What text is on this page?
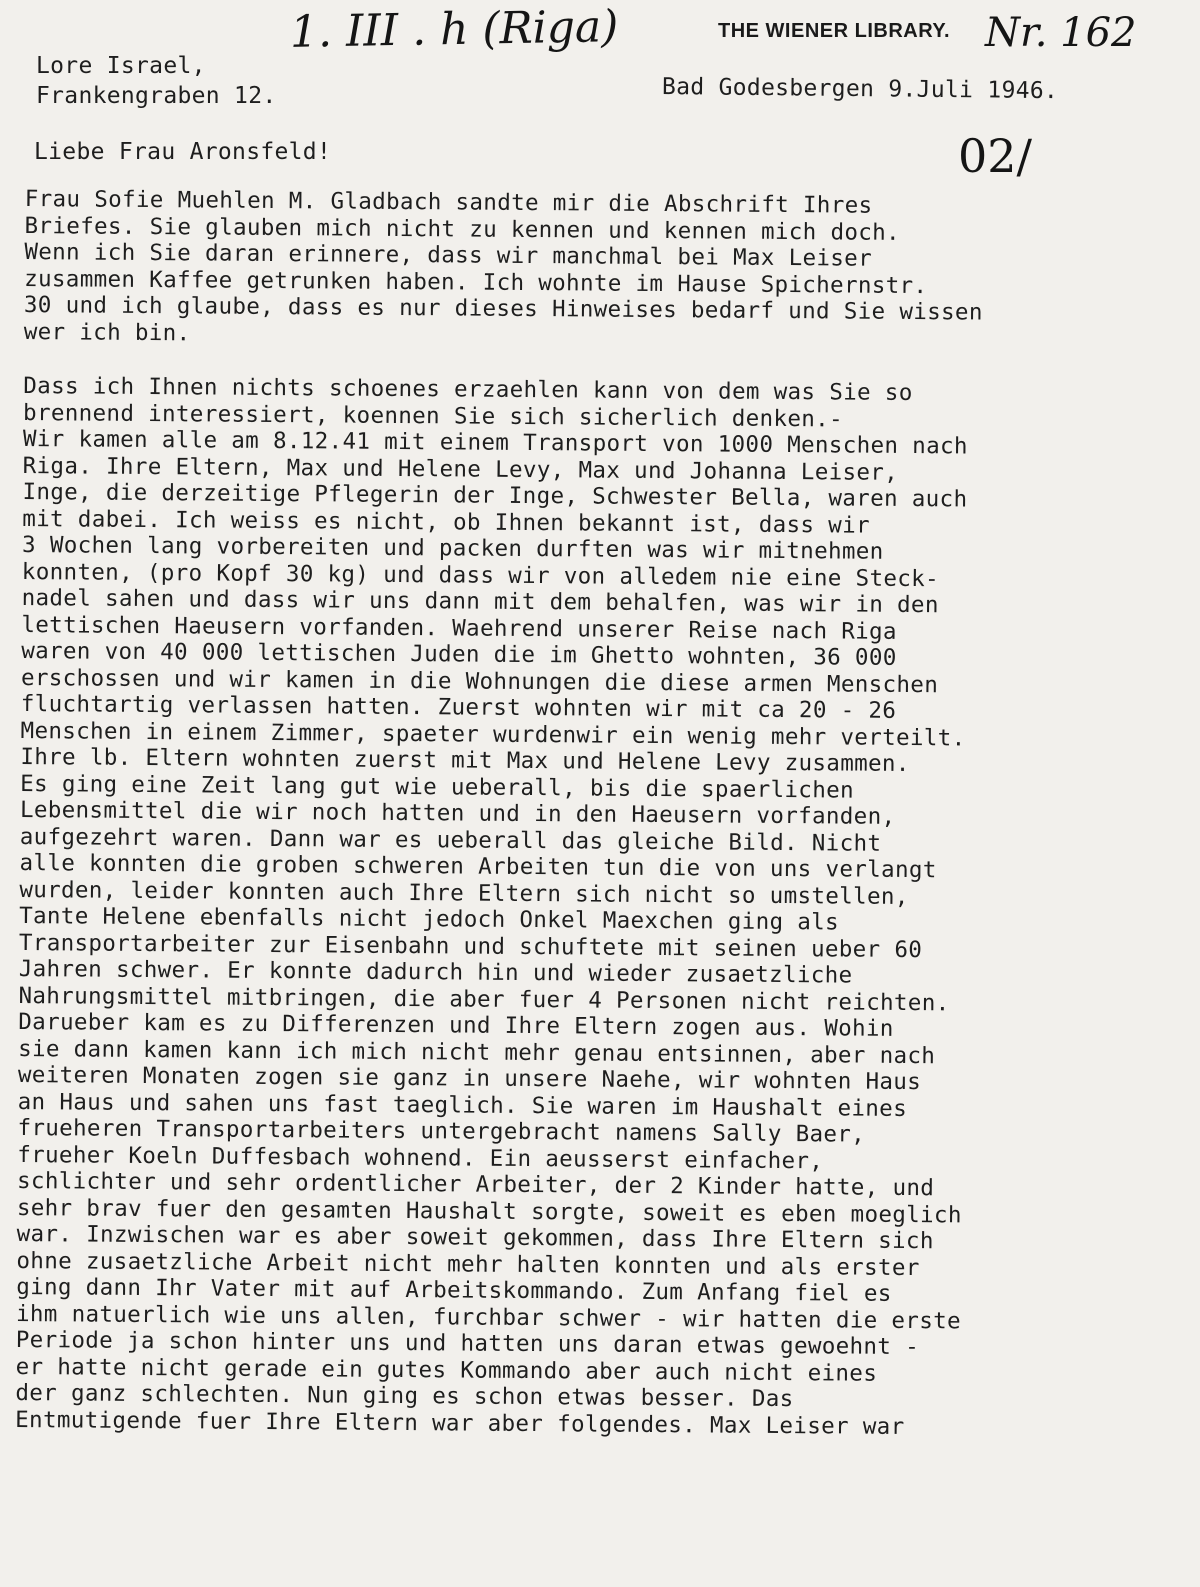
1. III . h (Riga)	THE WIENER LIBRARY. Nr. 162
02/
Lore Israel,
Frankengraben 12.	Bad Godesbergen 9.Juli 1946.
Liebe Frau Aronsfeld!
Frau Sofie Muehlen M. Gladbach sandte mir die Abschrift Ihres
Briefes. Sie glauben mich nicht zu kennen und kennen mich doch.
Wenn ich Sie daran erinnere, dass wir manchmal bei Max Leiser
zusammen Kaffee getrunken haben. Ich wohnte im Hause Spichernstr.
30 und ich glaube, dass es nur dieses Hinweises bedarf und Sie wissen
wer ich bin.
Dass ich Ihnen nichts schoenes erzaehlen kann von dem was Sie so
brennend interessiert, koennen Sie sich sicherlich denken.-
Wir kamen alle am 8.12.41 mit einem Transport von 1000 Menschen nach
Riga. Ihre Eltern, Max und Helene Levy, Max und Johanna Leiser,
Inge, die derzeitige Pflegerin der Inge, Schwester Bella, waren auch
mit dabei. Ich weiss es nicht, ob Ihnen bekannt ist, dass wir
3 Wochen lang vorbereiten und packen durften was wir mitnehmen
konnten, (pro Kopf 30 kg) und dass wir von alledem nie eine Steck-
nadel sahen und dass wir uns dann mit dem behalfen, was wir in den
lettischen Haeusern vorfanden. Waehrend unserer Reise nach Riga
waren von 40 000 lettischen Juden die im Ghetto wohnten, 36 000
erschossen und wir kamen in die Wohnungen die diese armen Menschen
fluchtartig verlassen hatten. Zuerst wohnten wir mit ca 20 - 26
Menschen in einem Zimmer, spaeter wurdenwir ein wenig mehr verteilt.
Ihre lb. Eltern wohnten zuerst mit Max und Helene Levy zusammen.
Es ging eine Zeit lang gut wie ueberall, bis die spaerlichen
Lebensmittel die wir noch hatten und in den Haeusern vorfanden,
aufgezehrt waren. Dann war es ueberall das gleiche Bild. Nicht
alle konnten die groben schweren Arbeiten tun die von uns verlangt
wurden, leider konnten auch Ihre Eltern sich nicht so umstellen,
Tante Helene ebenfalls nicht jedoch Onkel Maexchen ging als
Transportarbeiter zur Eisenbahn und schuftete mit seinen ueber 60
Jahren schwer. Er konnte dadurch hin und wieder zusaetzliche
Nahrungsmittel mitbringen, die aber fuer 4 Personen nicht reichten.
Darueber kam es zu Differenzen und Ihre Eltern zogen aus. Wohin
sie dann kamen kann ich mich nicht mehr genau entsinnen, aber nach
weiteren Monaten zogen sie ganz in unsere Naehe, wir wohnten Haus
an Haus und sahen uns fast taeglich. Sie waren im Haushalt eines
frueheren Transportarbeiters untergebracht namens Sally Baer,
frueher Koeln Duffesbach wohnend. Ein aeusserst einfacher,
schlichter und sehr ordentlicher Arbeiter, der 2 Kinder hatte, und
sehr brav fuer den gesamten Haushalt sorgte, soweit es eben moeglich
war. Inzwischen war es aber soweit gekommen, dass Ihre Eltern sich
ohne zusaetzliche Arbeit nicht mehr halten konnten und als erster
ging dann Ihr Vater mit auf Arbeitskommando. Zum Anfang fiel es
ihm natuerlich wie uns allen, furchbar schwer - wir hatten die erste
Periode ja schon hinter uns und hatten uns daran etwas gewoehnt -
er hatte nicht gerade ein gutes Kommando aber auch nicht eines
der ganz schlechten. Nun ging es schon etwas besser. Das
Entmutigende fuer Ihre Eltern war aber folgendes. Max Leiser war
